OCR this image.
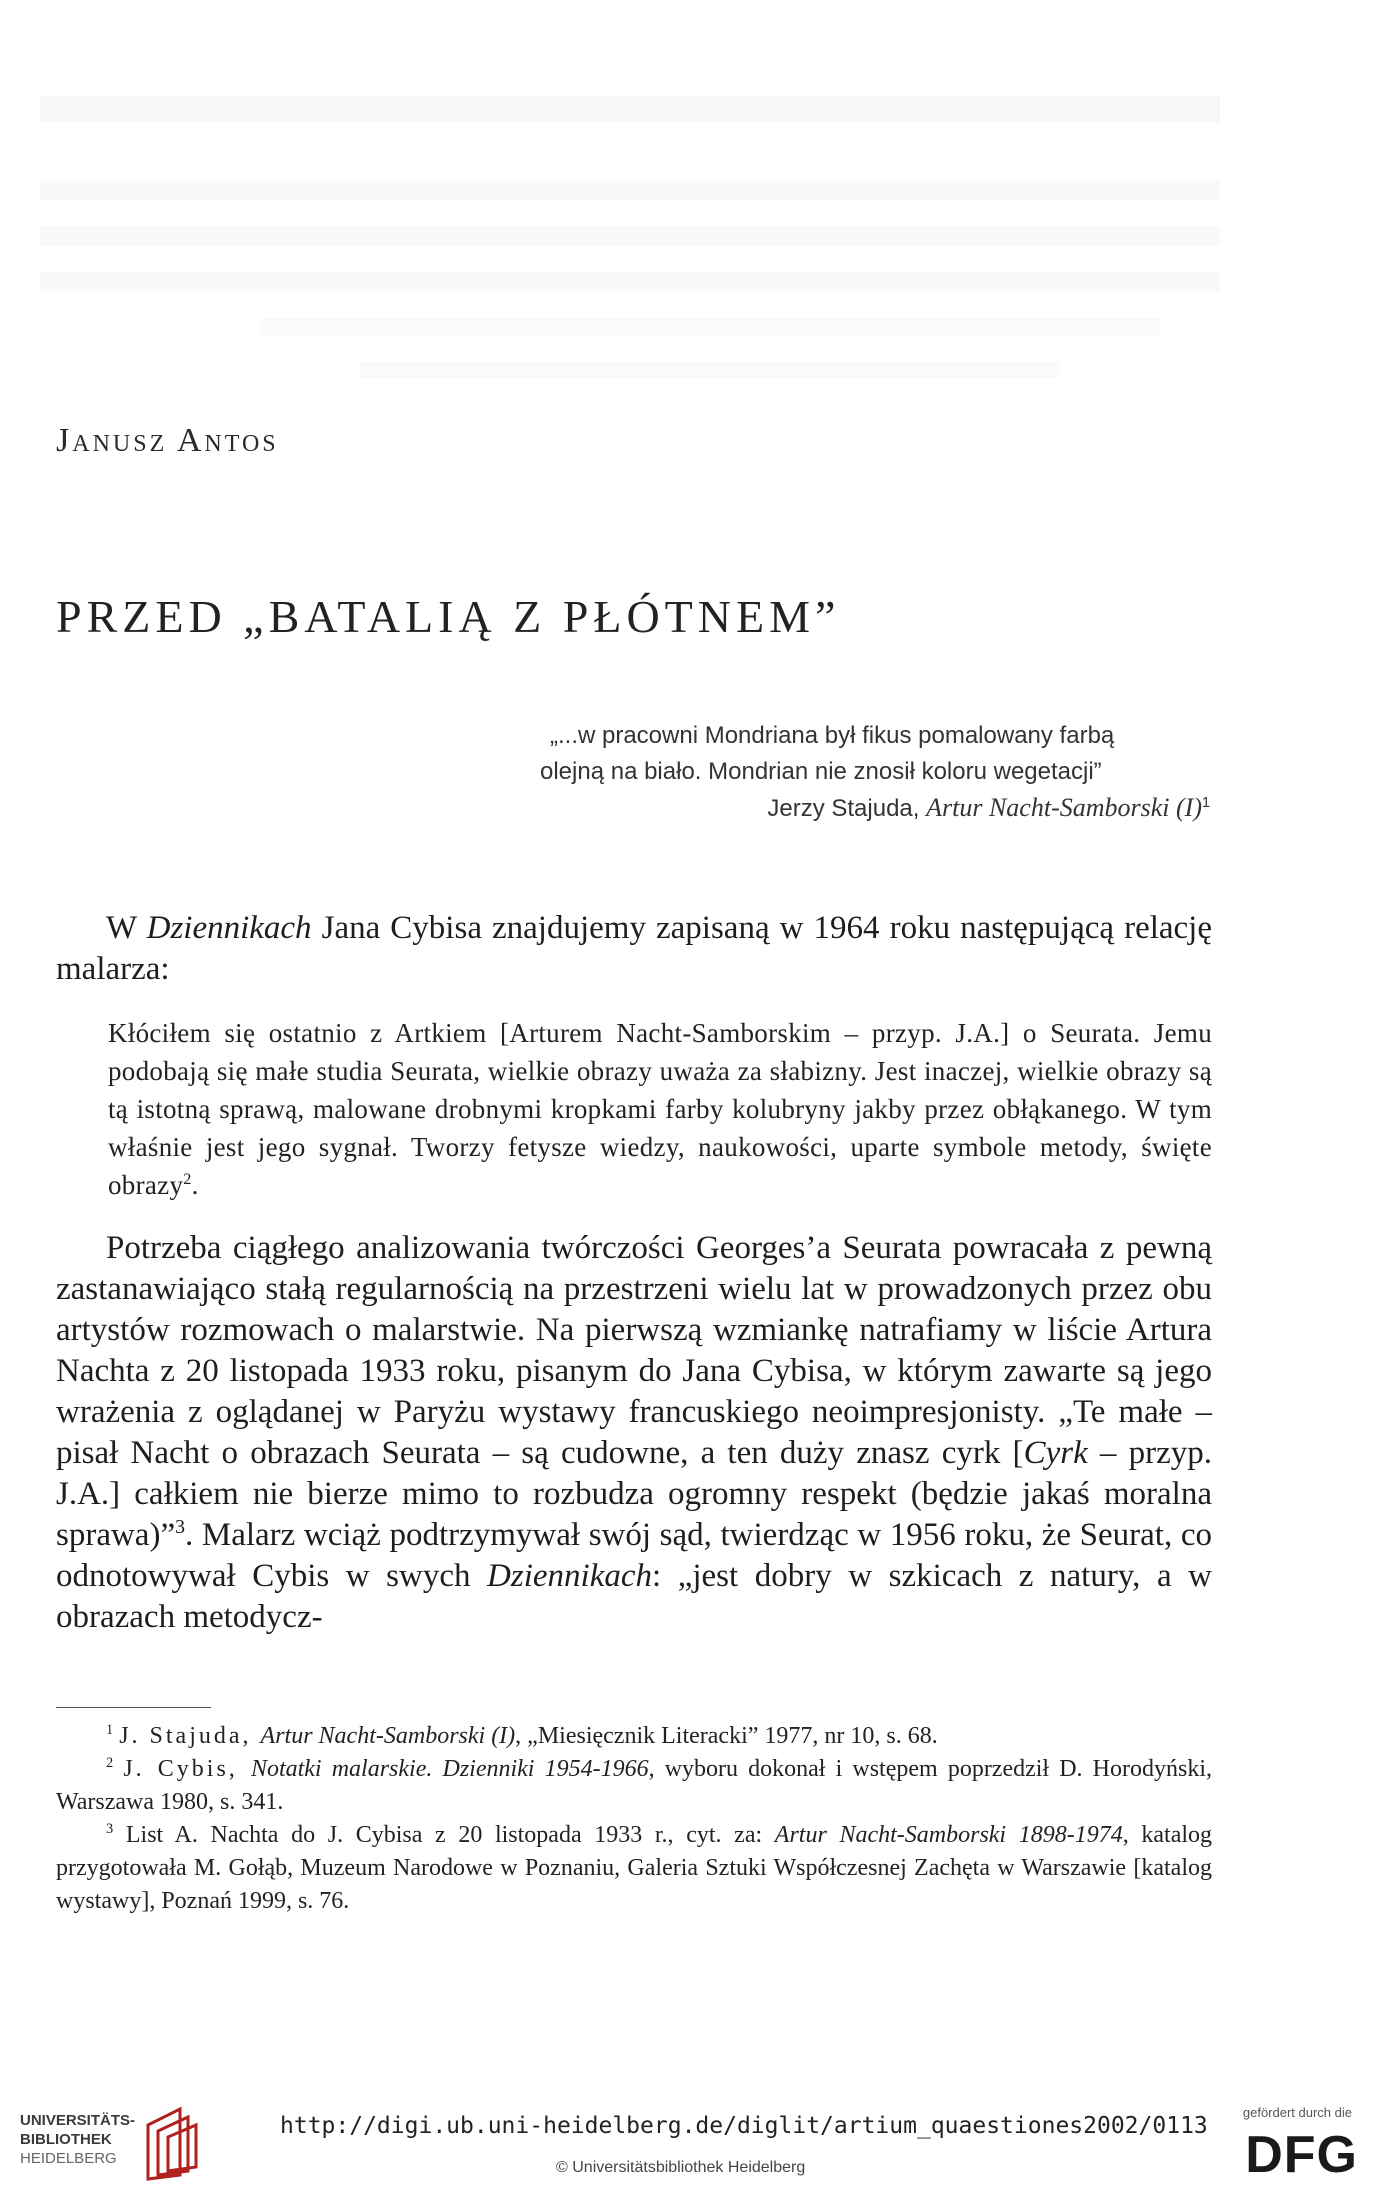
Janusz Antos
PRZED „BATALIĄ Z PŁÓTNEM”
„...w pracowni Mondriana był fikus pomalowany farbą
olejną na biało. Mondrian nie znosił koloru wegetacji”
Jerzy Stajuda, Artur Nacht-Samborski $(I)^1$
W Dziennikach Jana Cybisa znajdujemy zapisaną w 1964 roku następującą relację malarza:
Kłóciłem się ostatnio z Artkiem [Arturem Nacht-Samborskim – przyp. J.A.] o Seurata. Jemu podobają się małe studia Seurata, wielkie obrazy uważa za słabizny. Jest inaczej, wielkie obrazy są tą istotną sprawą, malowane drobnymi kropkami farby kolubryny jakby przez obłąkanego. W tym właśnie jest jego sygnał. Tworzy fetysze wiedzy, naukowości, uparte symbole metody, święte obrazy$^2$.
Potrzeba ciągłego analizowania twórczości Georges’a Seurata powracała z pewną zastanawiająco stałą regularnością na przestrzeni wielu lat w prowadzonych przez obu artystów rozmowach o malarstwie. Na pierwszą wzmiankę natrafiamy w liście Artura Nachta z 20 listopada 1933 roku, pisanym do Jana Cybisa, w którym zawarte są jego wrażenia z oglądanej w Paryżu wystawy francuskiego neoimpresjonisty. „Te małe – pisał Nacht o obrazach Seurata – są cudowne, a ten duży znasz cyrk [Cyrk – przyp. J.A.] całkiem nie bierze mimo to rozbudza ogromny respekt (będzie jakaś moralna sprawa)”$^3$. Malarz wciąż podtrzymywał swój sąd, twierdząc w 1956 roku, że Seurat, co odnotowywał Cybis w swych Dziennikach: „jest dobry w szkicach z natury, a w obrazach metodycz-

$^1$ J. Stajuda, Artur Nacht-Samborski (I), „Miesięcznik Literacki” 1977, nr 10, s. 68.

$^2$ J. Cybis, Notatki malarskie. Dzienniki 1954-1966, wyboru dokonał i wstępem poprzedził D. Horodyński, Warszawa 1980, s. 341.

$^3$ List A. Nachta do J. Cybisa z 20 listopada 1933 r., cyt. za: Artur Nacht-Samborski 1898-1974, katalog przygotowała M. Gołąb, Muzeum Narodowe w Poznaniu, Galeria Sztuki Współczesnej Zachęta w Warszawie [katalog wystawy], Poznań 1999, s. 76.

UNIVERSITÄTS-
BIBLIOTHEK
HEIDELBERG
http://digi.ub.uni-heidelberg.de/diglit/artium_quaestiones2002/0113
© Universitätsbibliothek Heidelberg
gefördert durch die
DFG
